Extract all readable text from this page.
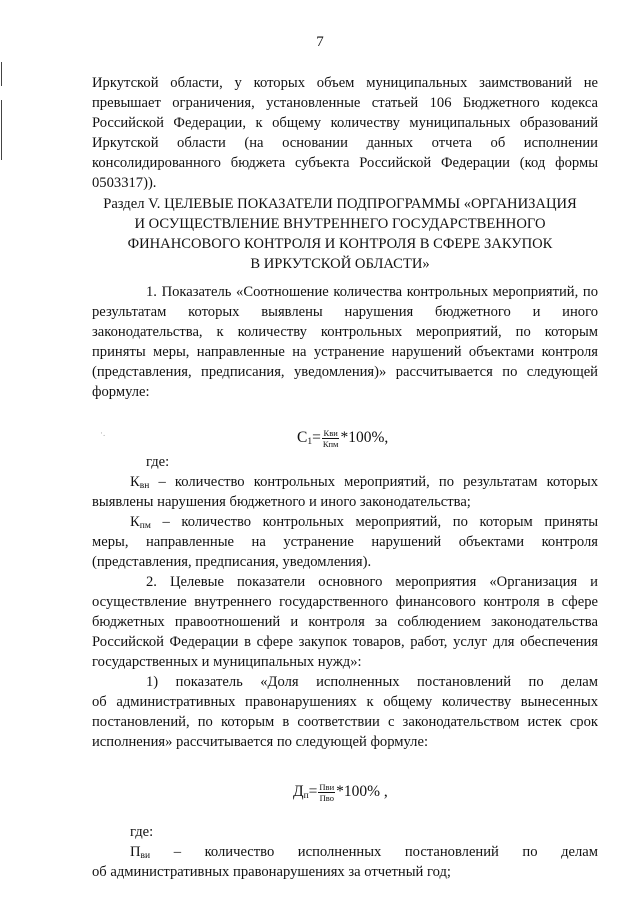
7
Иркутской области, у которых объем муниципальных заимствований не
превышает ограничения, установленные статьей 106 Бюджетного кодекса
Российской Федерации, к общему количеству муниципальных образований
Иркутской области (на основании данных отчета об исполнении
консолидированного бюджета субъекта Российской Федерации (код формы
0503317)).
Раздел V. ЦЕЛЕВЫЕ ПОКАЗАТЕЛИ ПОДПРОГРАММЫ «ОРГАНИЗАЦИЯ
И ОСУЩЕСТВЛЕНИЕ ВНУТРЕННЕГО ГОСУДАРСТВЕННОГО
ФИНАНСОВОГО КОНТРОЛЯ И КОНТРОЛЯ В СФЕРЕ ЗАКУПОК
В ИРКУТСКОЙ ОБЛАСТИ»
1. Показатель «Соотношение количества контрольных мероприятий, по
результатам которых выявлены нарушения бюджетного и иного
законодательства, к количеству контрольных мероприятий, по которым
приняты меры, направленные на устранение нарушений объектами контроля
(представления, предписания, уведомления)» рассчитывается по следующей
формуле:
$С_1= \frac{\text{Кви}}{\text{Кпм}} *100\%$,
·.
где:
$К_{вн}$ – количество контрольных мероприятий, по результатам которых
выявлены нарушения бюджетного и иного законодательства;
$К_{пм}$ – количество контрольных мероприятий, по которым приняты
меры, направленные на устранение нарушений объектами контроля
(представления, предписания, уведомления).
2. Целевые показатели основного мероприятия «Организация и
осуществление внутреннего государственного финансового контроля в сфере
бюджетных правоотношений и контроля за соблюдением законодательства
Российской Федерации в сфере закупок товаров, работ, услуг для обеспечения
государственных и муниципальных нужд»:
1) показатель «Доля исполненных постановлений по делам
об административных правонарушениях к общему количеству вынесенных
постановлений, по которым в соответствии с законодательством истек срок
исполнения» рассчитывается по следующей формуле:
$Д_п= \frac{\text{Пви}}{\text{Пвo}} *100\%$ ,
где:
$П_{ви}$ – количество исполненных постановлений по делам
об административных правонарушениях за отчетный год;
